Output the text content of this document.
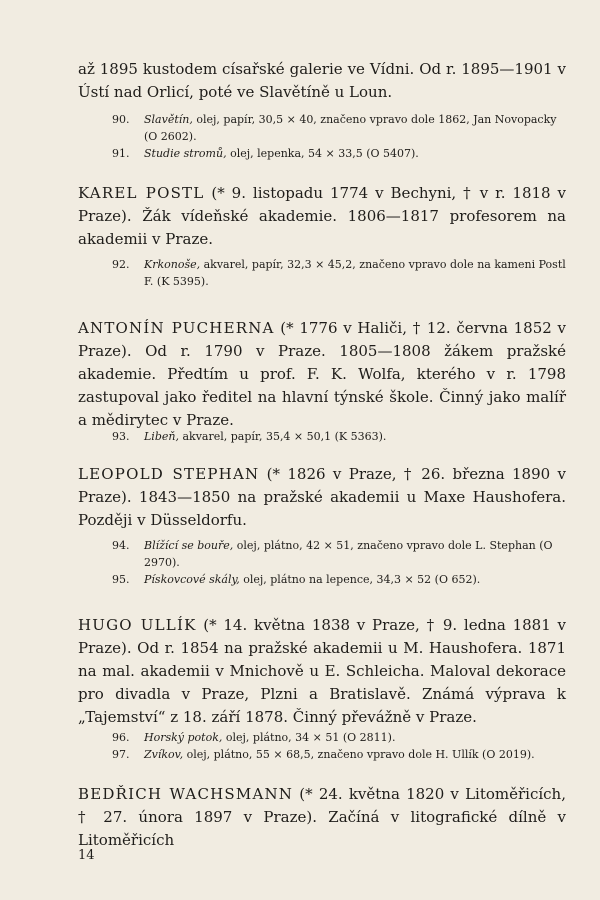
až 1895 kustodem císařské galerie ve Vídni. Od r. 1895—1901 v Ústí nad Orlicí, poté ve Slavětíně u Loun.

90.	Slavětín, olej, papír, 30,5 × 40, značeno vpravo dole 1862, Jan Novopacky (O 2602).
91.	Studie stromů, olej, lepenka, 54 × 33,5 (O 5407).

KAREL POSTL (* 9. listopadu 1774 v Bechyni, † v r. 1818 v Praze). Žák vídeňské akademie. 1806—1817 profesorem na akademii v Praze.

92.	Krkonoše, akvarel, papír, 32,3 × 45,2, značeno vpravo dole na kameni Postl F. (K 5395).

ANTONÍN PUCHERNA (* 1776 v Haliči, † 12. června 1852 v Praze). Od r. 1790 v Praze. 1805—1808 žákem pražské akademie. Předtím u prof. F. K. Wolfa, kterého v r. 1798 zastupoval jako ředitel na hlavní týnské škole. Činný jako malíř a mědirytec v Praze.

93.	Libeň, akvarel, papír, 35,4 × 50,1 (K 5363).

LEOPOLD STEPHAN (* 1826 v Praze, † 26. března 1890 v Praze). 1843—1850 na pražské akademii u Maxe Haushofera. Později v Düsseldorfu.

94.	Blížící se bouře, olej, plátno, 42 × 51, značeno vpravo dole L. Stephan (O 2970).
95.	Pískovcové skály, olej, plátno na lepence, 34,3 × 52 (O 652).

HUGO ULLÍK (* 14. května 1838 v Praze, † 9. ledna 1881 v Praze). Od r. 1854 na pražské akademii u M. Haushofera. 1871 na mal. akademii v Mnichově u E. Schleicha. Maloval dekorace pro divadla v Praze, Plzni a Bratislavě. Známá výprava k „Tajemství“ z 18. září 1878. Činný převážně v Praze.

96.	Horský potok, olej, plátno, 34 × 51 (O 2811).
97.	Zvíkov, olej, plátno, 55 × 68,5, značeno vpravo dole H. Ullík (O 2019).

BEDŘICH WACHSMANN (* 24. května 1820 v Litoměřicích, † 27. února 1897 v Praze). Začíná v litografické dílně v Litoměřicích

14
